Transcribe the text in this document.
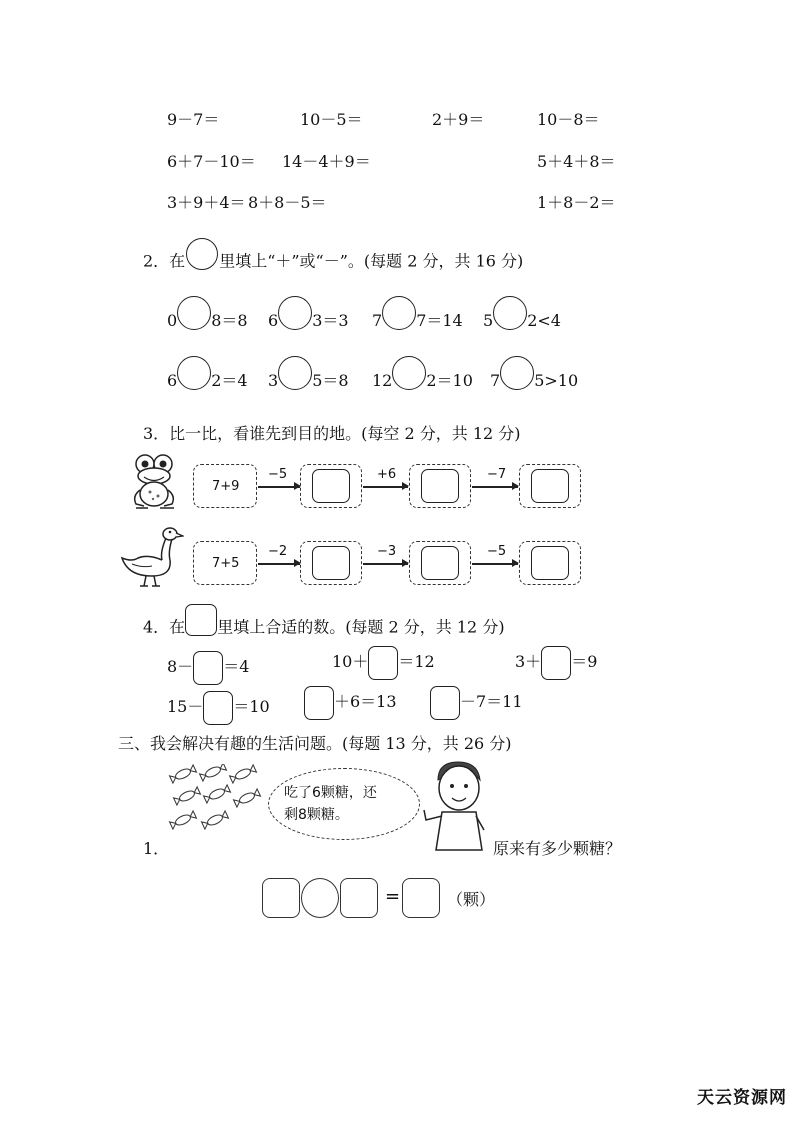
9－7＝	10－5＝	2＋9＝	10－8＝
6＋7－10＝ 14－4＋9＝	5＋4＋8＝
3＋9＋4＝ 8＋8－5＝	1＋8－2＝
2．在 里填上“＋”或“－”。(每题 2 分，共 16 分)
0 8＝8 6 3＝3 7 7＝14 5 2<4
6 2＝4 3 5＝8 12 2＝10 7 5>10
3．比一比，看谁先到目的地。(每空 2 分，共 12 分)
7+9
−5	+6	−7
7+5
−2	−3	−5
4．在 里填上合适的数。(每题 2 分，共 12 分)
8－ ＝4	10＋ ＝12	3＋ ＝9
15－ ＝10	＋6＝13	－7＝11
三、我会解决有趣的生活问题。(每题 13 分，共 26 分)
吃了6颗糖，还
剩8颗糖。
1．	原来有多少颗糖？
=	（颗）
天云资源网
